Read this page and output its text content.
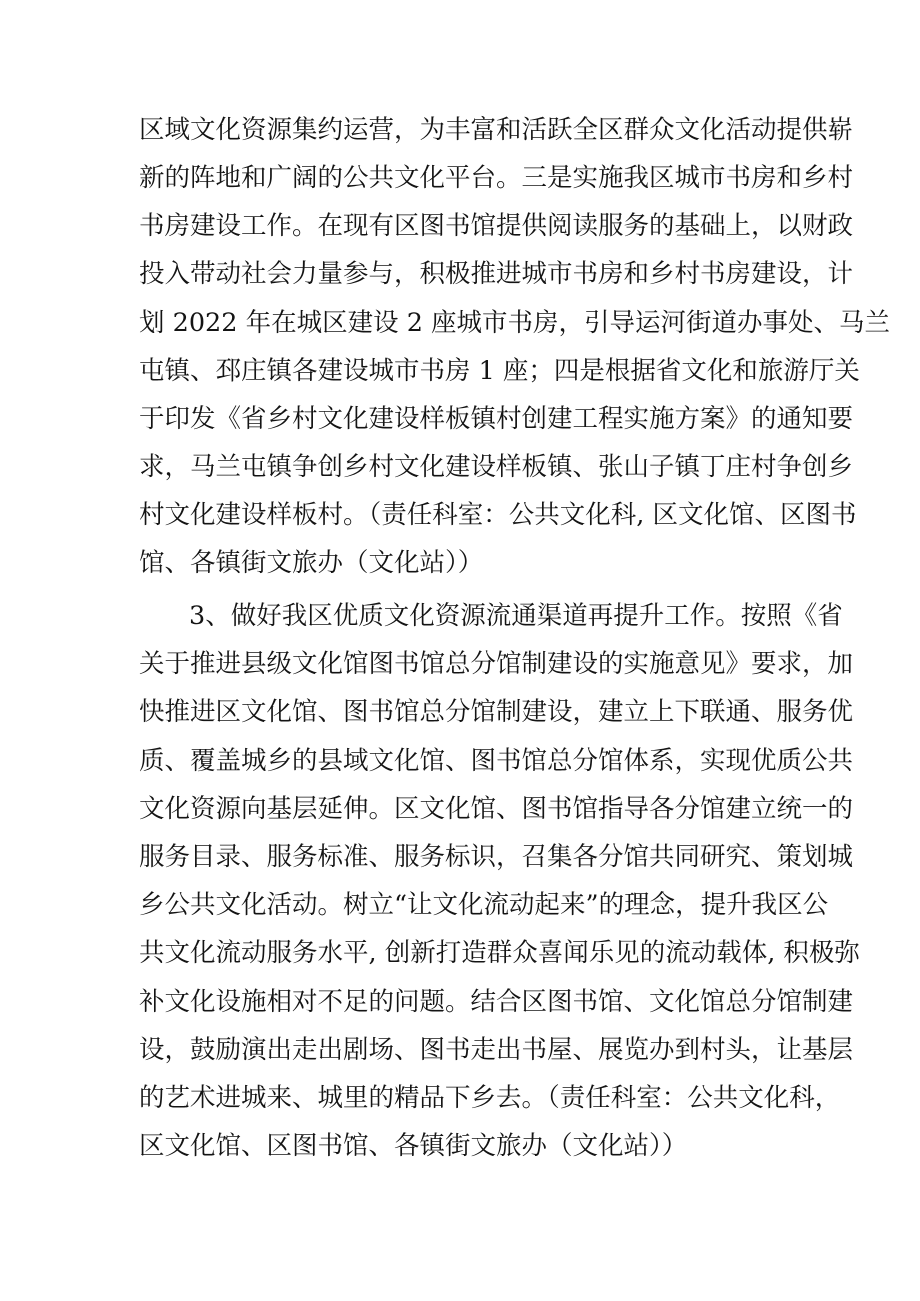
区域文化资源集约运营，为丰富和活跃全区群众文化活动提供崭
新的阵地和广阔的公共文化平台。三是实施我区城市书房和乡村
书房建设工作。在现有区图书馆提供阅读服务的基础上，以财政
投入带动社会力量参与，积极推进城市书房和乡村书房建设，计
划 2022 年在城区建设 2 座城市书房，引导运河街道办事处、马兰
屯镇、邳庄镇各建设城市书房 1 座；四是根据省文化和旅游厅关
于印发《省乡村文化建设样板镇村创建工程实施方案》的通知要
求，马兰屯镇争创乡村文化建设样板镇、张山子镇丁庄村争创乡
村文化建设样板村。（责任科室：公共文化科, 区文化馆、区图书
馆、各镇街文旅办（文化站））
3、做好我区优质文化资源流通渠道再提升工作。按照《省
关于推进县级文化馆图书馆总分馆制建设的实施意见》要求，加
快推进区文化馆、图书馆总分馆制建设，建立上下联通、服务优
质、覆盖城乡的县域文化馆、图书馆总分馆体系，实现优质公共
文化资源向基层延伸。区文化馆、图书馆指导各分馆建立统一的
服务目录、服务标准、服务标识，召集各分馆共同研究、策划城
乡公共文化活动。树立“让文化流动起来”的理念，提升我区公
共文化流动服务水平, 创新打造群众喜闻乐见的流动载体, 积极弥
补文化设施相对不足的问题。结合区图书馆、文化馆总分馆制建
设，鼓励演出走出剧场、图书走出书屋、展览办到村头，让基层
的艺术进城来、城里的精品下乡去。（责任科室：公共文化科，
区文化馆、区图书馆、各镇街文旅办（文化站））
